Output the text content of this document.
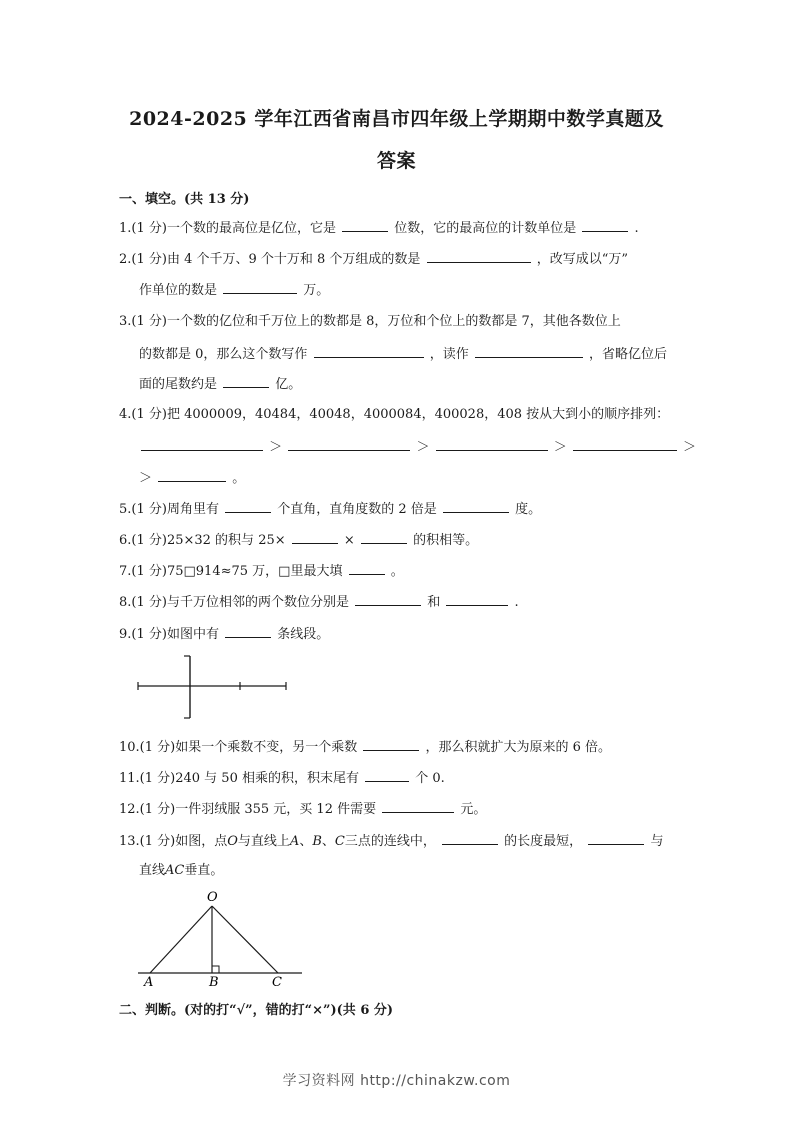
2024-2025 学年江西省南昌市四年级上学期期中数学真题及
答案
一、填空。(共 13 分)
1.(1 分)一个数的最高位是亿位，它是	位数，它的最高位的计数单位是	.
2.(1 分)由 4 个千万、9 个十万和 8 个万组成的数是	，改写成以“万”
作单位的数是	万。
3.(1 分)一个数的亿位和千万位上的数都是 8，万位和个位上的数都是 7，其他各数位上
的数都是 0，那么这个数写作	，读作	，省略亿位后
面的尾数约是	亿。
4.(1 分)把 4000009，40484，40048，4000084，400028，408 按从大到小的顺序排列：
＞	＞	＞	＞
＞	。
5.(1 分)周角里有	个直角，直角度数的 2 倍是	度。
6.(1 分)25×32 的积与 25×	×	的积相等。
7.(1 分)75□914≈75 万，□里最大填	。
8.(1 分)与千万位相邻的两个数位分别是	和	.
9.(1 分)如图中有	条线段。
10.(1 分)如果一个乘数不变，另一个乘数	，那么积就扩大为原来的 6 倍。
11.(1 分)240 与 50 相乘的积，积末尾有	个 0.
12.(1 分)一件羽绒服 355 元，买 12 件需要	元。
13.(1 分)如图，点O与直线上A、B、C三点的连线中，	的长度最短，	与
直线AC垂直。
O
A	B	C
二、判断。(对的打“√”，错的打“×”)(共 6 分)
学习资料网 http://chinakzw.com
